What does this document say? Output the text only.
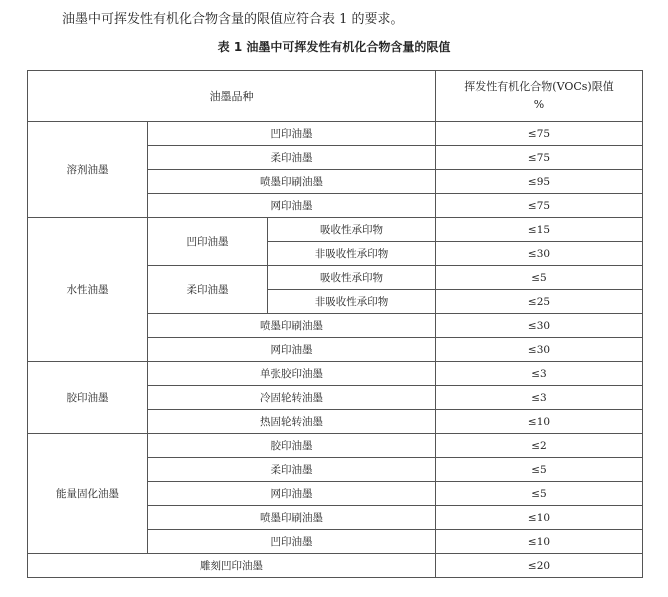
油墨中可挥发性有机化合物含量的限值应符合表 1 的要求。
表 1 油墨中可挥发性有机化合物含量的限值
油墨品种			挥发性有机化合物(VOCs)限值
%

溶剂油墨	凹印油墨		≤75
	柔印油墨		≤75
	喷墨印刷油墨		≤95
	网印油墨		≤75
水性油墨	凹印油墨	吸收性承印物	≤15
		非吸收性承印物	≤30
	柔印油墨	吸收性承印物	≤5
		非吸收性承印物	≤25
	喷墨印刷油墨		≤30
	网印油墨		≤30
胶印油墨	单张胶印油墨		≤3
	冷固轮转油墨		≤3
	热固轮转油墨		≤10
能量固化油墨	胶印油墨		≤2
	柔印油墨		≤5
	网印油墨		≤5
	喷墨印刷油墨		≤10
	凹印油墨		≤10
雕刻凹印油墨			≤20
